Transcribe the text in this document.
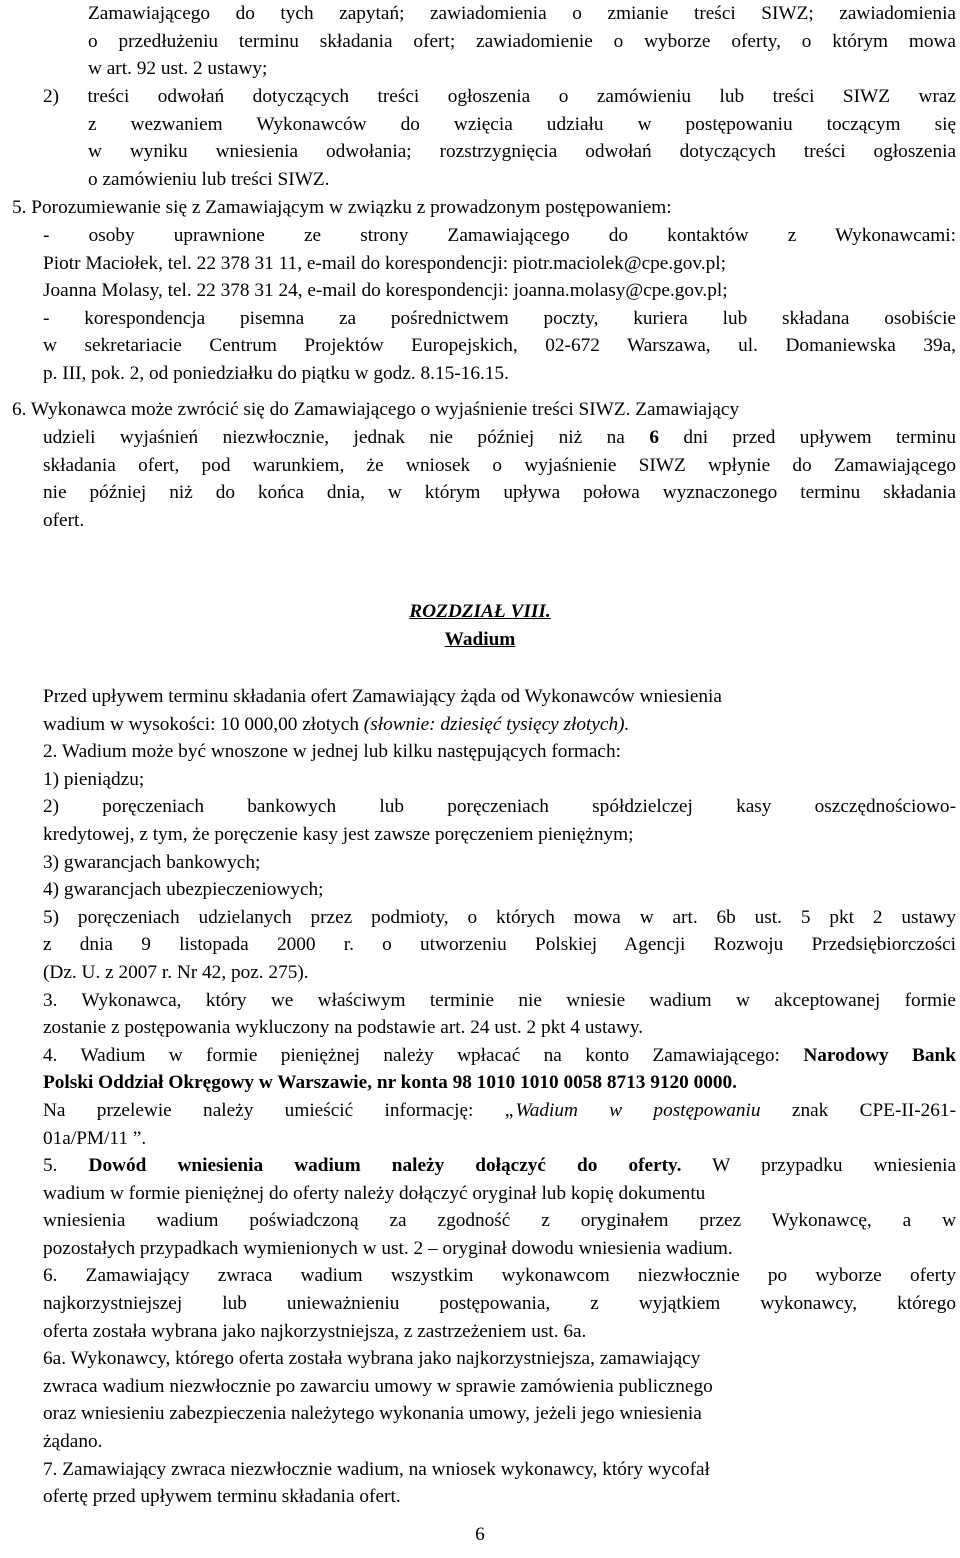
Zamawiającego do tych zapytań; zawiadomienia o zmianie treści SIWZ; zawiadomienia
o przedłużeniu terminu składania ofert; zawiadomienie o wyborze oferty, o którym mowa
w art. 92 ust. 2 ustawy;
2) treści odwołań dotyczących treści ogłoszenia o zamówieniu lub treści SIWZ wraz
z wezwaniem Wykonawców do wzięcia udziału w postępowaniu toczącym się
w wyniku wniesienia odwołania; rozstrzygnięcia odwołań dotyczących treści ogłoszenia
o zamówieniu lub treści SIWZ.
5. Porozumiewanie się z Zamawiającym w związku z prowadzonym postępowaniem:
- osoby uprawnione ze strony Zamawiającego do kontaktów z Wykonawcami:
Piotr Maciołek, tel. 22 378 31 11, e-mail do korespondencji: piotr.maciolek@cpe.gov.pl;
Joanna Molasy, tel. 22 378 31 24, e-mail do korespondencji: joanna.molasy@cpe.gov.pl;
- korespondencja pisemna za pośrednictwem poczty, kuriera lub składana osobiście
w sekretariacie Centrum Projektów Europejskich, 02-672 Warszawa, ul. Domaniewska 39a,
p. III, pok. 2, od poniedziałku do piątku w godz. 8.15-16.15.
6. Wykonawca może zwrócić się do Zamawiającego o wyjaśnienie treści SIWZ. Zamawiający
udzieli wyjaśnień niezwłocznie, jednak nie później niż na 6 dni przed upływem terminu
składania ofert, pod warunkiem, że wniosek o wyjaśnienie SIWZ wpłynie do Zamawiającego
nie później niż do końca dnia, w którym upływa połowa wyznaczonego terminu składania
ofert.

ROZDZIAŁ VIII.

Wadium

Przed upływem terminu składania ofert Zamawiający żąda od Wykonawców wniesienia
wadium w wysokości: 10 000,00 złotych (słownie: dziesięć tysięcy złotych).
2. Wadium może być wnoszone w jednej lub kilku następujących formach:
1) pieniądzu;
2) poręczeniach bankowych lub poręczeniach spółdzielczej kasy oszczędnościowo-
kredytowej, z tym, że poręczenie kasy jest zawsze poręczeniem pieniężnym;
3) gwarancjach bankowych;
4) gwarancjach ubezpieczeniowych;
5) poręczeniach udzielanych przez podmioty, o których mowa w art. 6b ust. 5 pkt 2 ustawy
z dnia 9 listopada 2000 r. o utworzeniu Polskiej Agencji Rozwoju Przedsiębiorczości
(Dz. U. z 2007 r. Nr 42, poz. 275).
3. Wykonawca, który we właściwym terminie nie wniesie wadium w akceptowanej formie
zostanie z postępowania wykluczony na podstawie art. 24 ust. 2 pkt 4 ustawy.
4. Wadium w formie pieniężnej należy wpłacać na konto Zamawiającego: Narodowy Bank
Polski Oddział Okręgowy w Warszawie, nr konta 98 1010 1010 0058 8713 9120 0000.
Na przelewie należy umieścić informację: „Wadium w postępowaniu znak CPE-II-261-
01a/PM/11 ”.
5. Dowód wniesienia wadium należy dołączyć do oferty. W przypadku wniesienia
wadium w formie pieniężnej do oferty należy dołączyć oryginał lub kopię dokumentu
wniesienia wadium poświadczoną za zgodność z oryginałem przez Wykonawcę, a w
pozostałych przypadkach wymienionych w ust. 2 – oryginał dowodu wniesienia wadium.
6. Zamawiający zwraca wadium wszystkim wykonawcom niezwłocznie po wyborze oferty
najkorzystniejszej lub unieważnieniu postępowania, z wyjątkiem wykonawcy, którego
oferta została wybrana jako najkorzystniejsza, z zastrzeżeniem ust. 6a.
6a. Wykonawcy, którego oferta została wybrana jako najkorzystniejsza, zamawiający
zwraca wadium niezwłocznie po zawarciu umowy w sprawie zamówienia publicznego
oraz wniesieniu zabezpieczenia należytego wykonania umowy, jeżeli jego wniesienia
żądano.
7. Zamawiający zwraca niezwłocznie wadium, na wniosek wykonawcy, który wycofał
ofertę przed upływem terminu składania ofert.
6
